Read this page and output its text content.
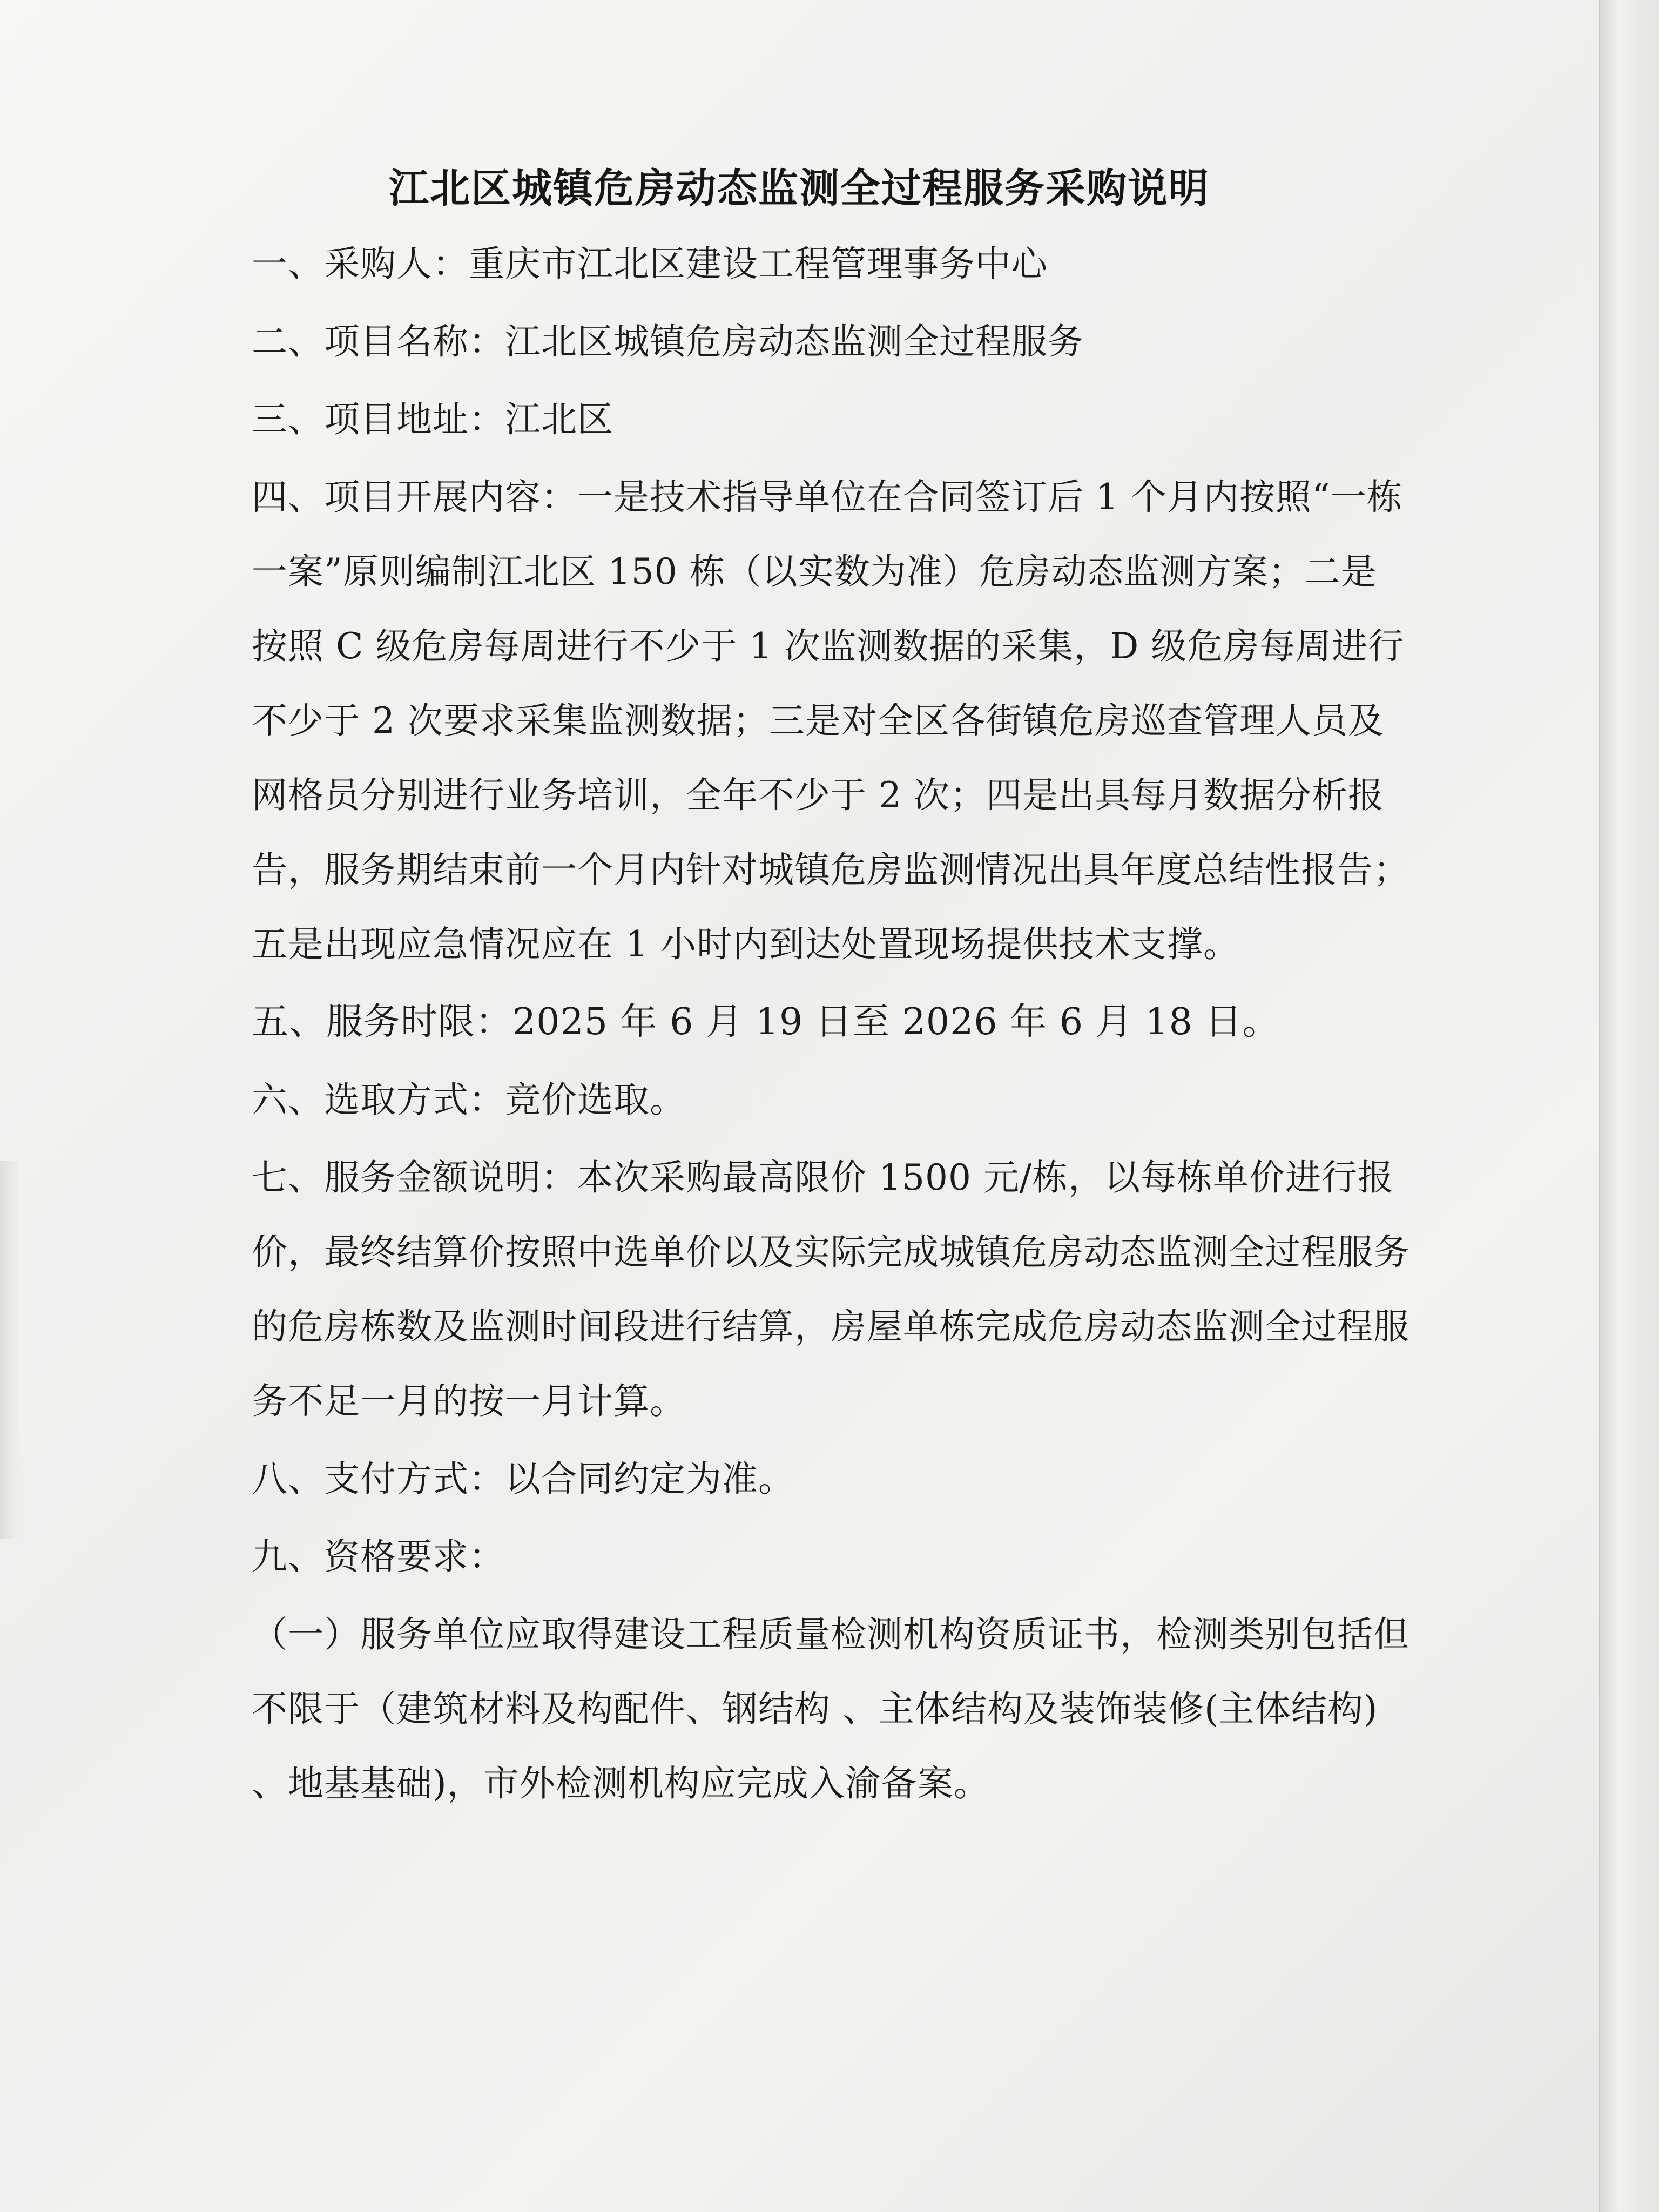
江北区城镇危房动态监测全过程服务采购说明

一、采购人：重庆市江北区建设工程管理事务中心

二、项目名称：江北区城镇危房动态监测全过程服务

三、项目地址：江北区

四、项目开展内容：一是技术指导单位在合同签订后 1 个月内按照“一栋一案”原则编制江北区 150 栋（以实数为准）危房动态监测方案；二是按照 C 级危房每周进行不少于 1 次监测数据的采集，D 级危房每周进行不少于 2 次要求采集监测数据；三是对全区各街镇危房巡查管理人员及网格员分别进行业务培训，全年不少于 2 次；四是出具每月数据分析报告，服务期结束前一个月内针对城镇危房监测情况出具年度总结性报告；五是出现应急情况应在 1 小时内到达处置现场提供技术支撑。

五、服务时限：2025 年 6 月 19 日至 2026 年 6 月 18 日。

六、选取方式：竞价选取。

七、服务金额说明：本次采购最高限价 1500 元/栋，以每栋单价进行报价，最终结算价按照中选单价以及实际完成城镇危房动态监测全过程服务的危房栋数及监测时间段进行结算，房屋单栋完成危房动态监测全过程服务不足一月的按一月计算。

八、支付方式：以合同约定为准。

九、资格要求：

（一）服务单位应取得建设工程质量检测机构资质证书，检测类别包括但不限于（建筑材料及构配件、钢结构 、主体结构及装饰装修(主体结构) 、地基基础)，市外检测机构应完成入渝备案。
